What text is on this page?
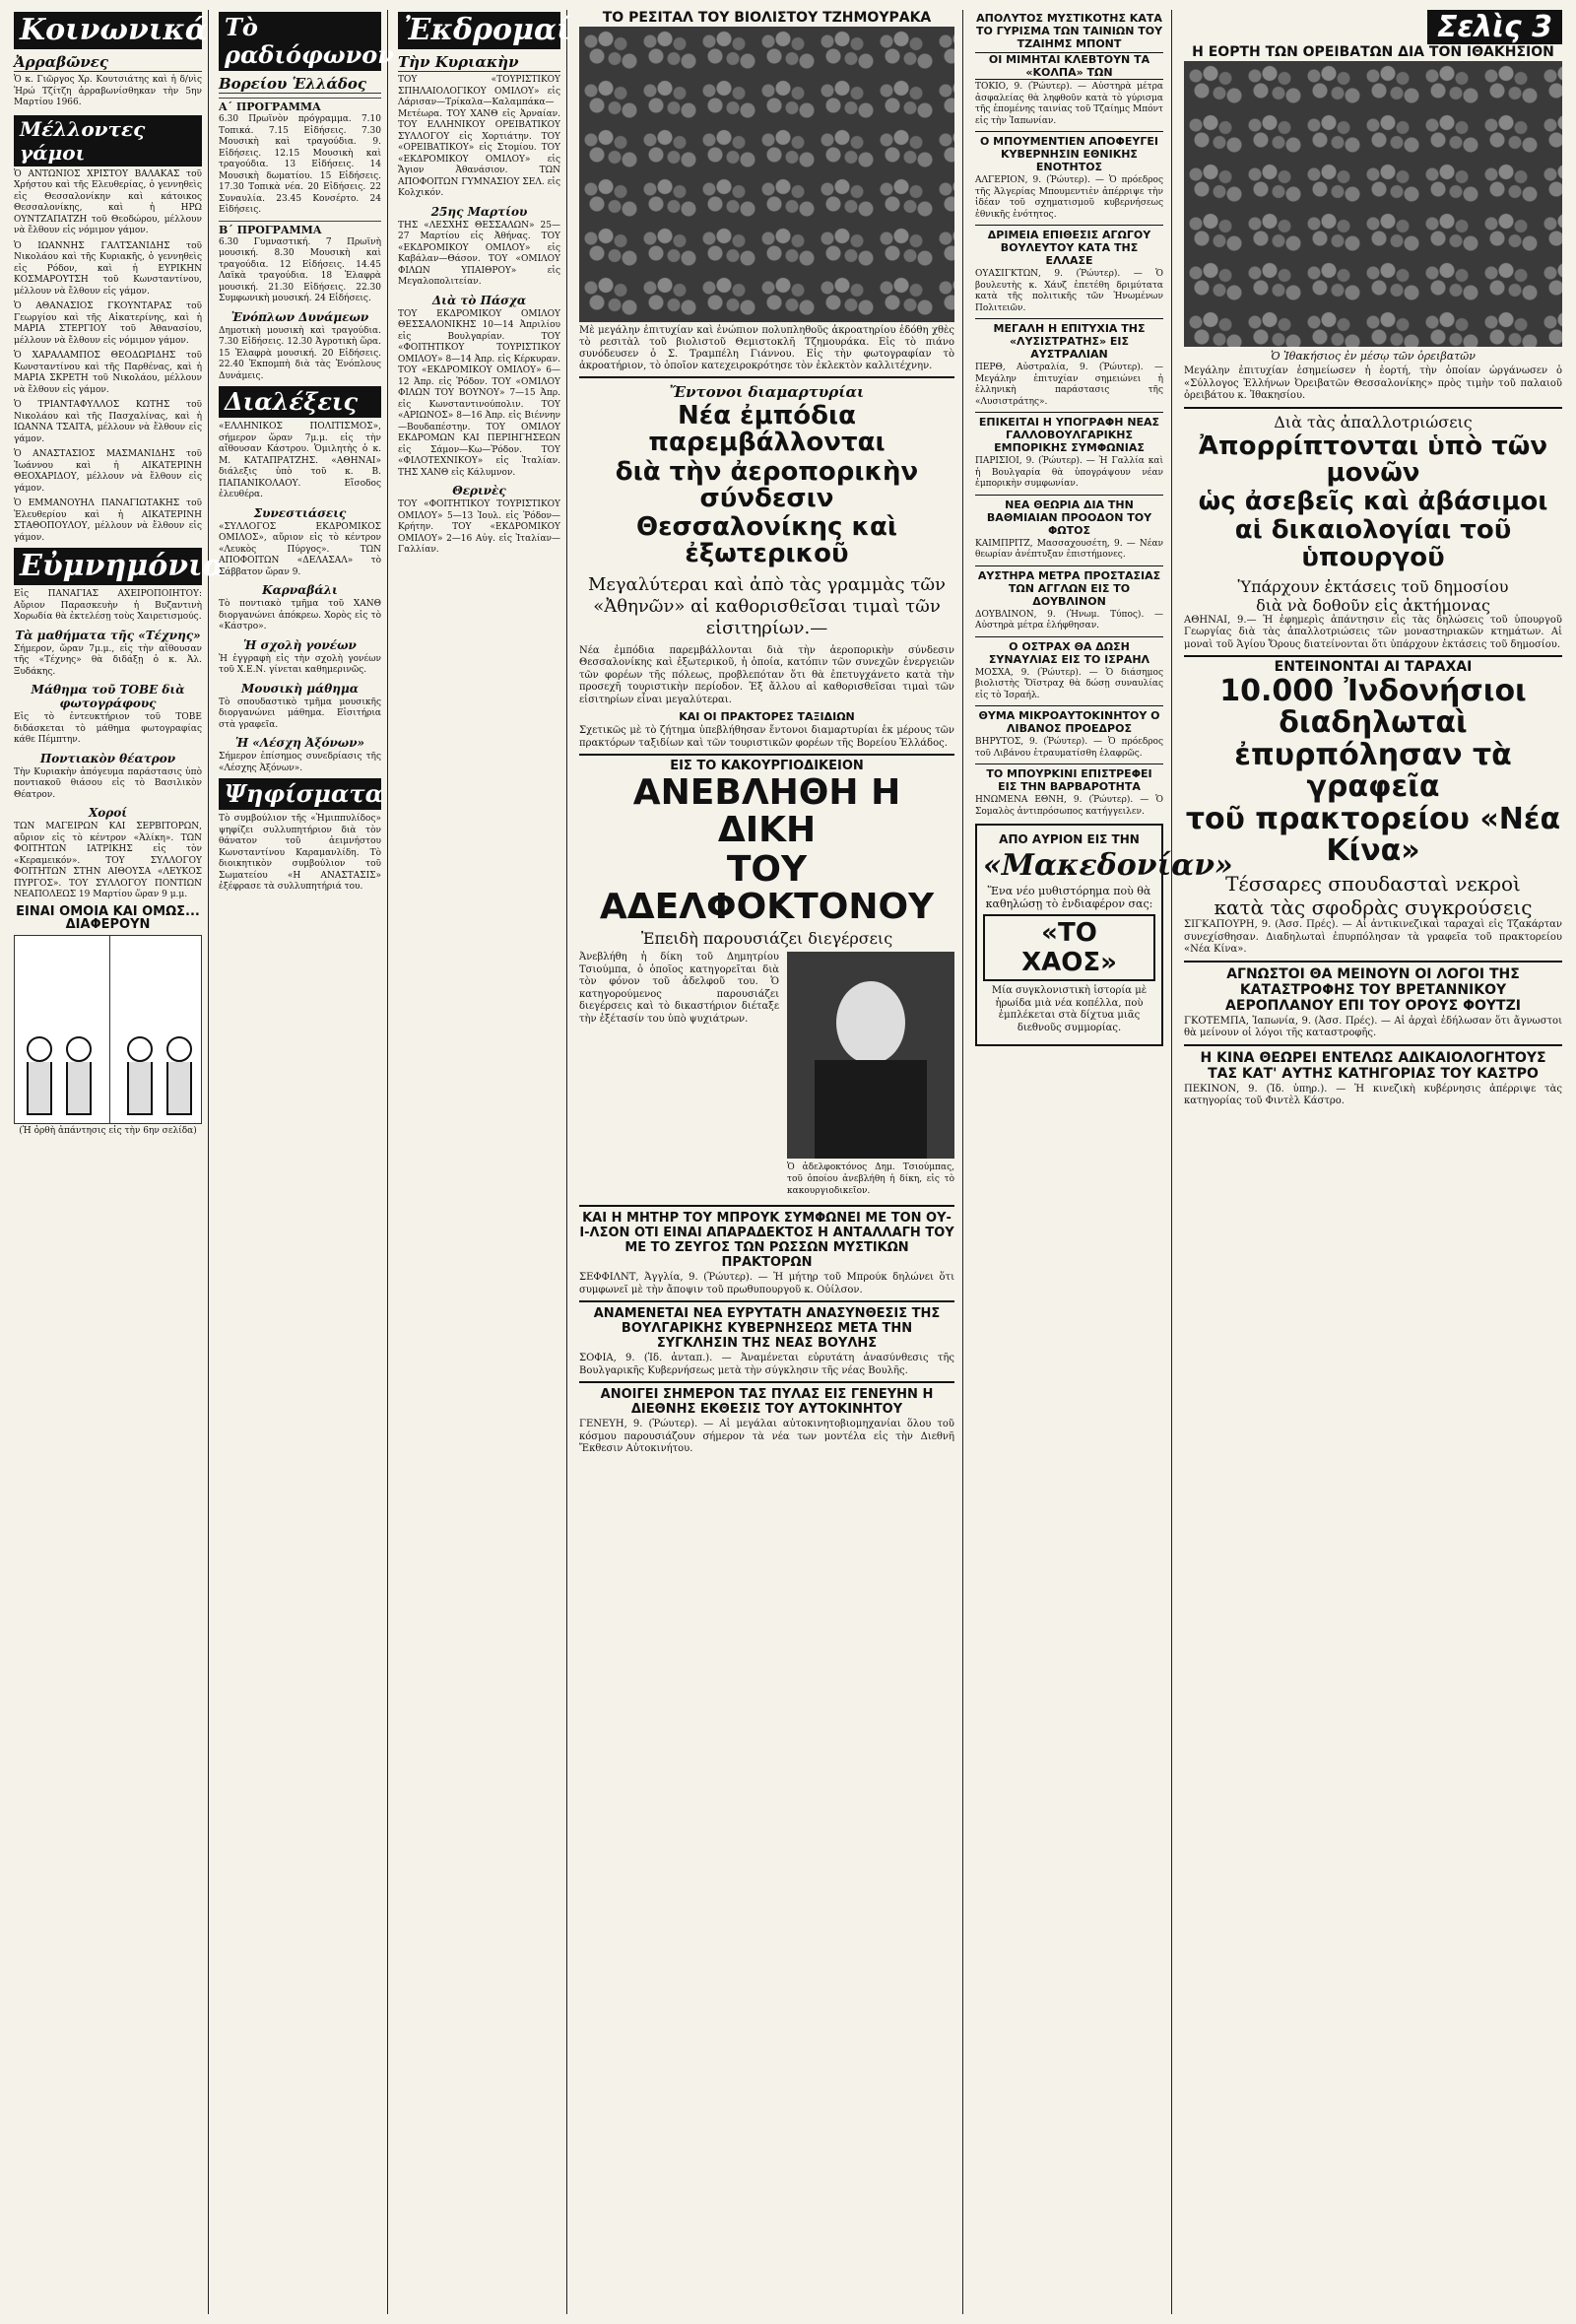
Κοινωνικά
Ἀρραβῶνες

Ὁ κ. Γιῶργος Χρ. Κουτσιάτης καὶ ἡ δ/νὶς Ἠρώ Τζίτζη ἀρραβωνίσθηκαν τὴν 5ην Μαρτίου 1966.

Μέλλοντες γάμοι

Ὁ ΑΝΤΩΝΙΟΣ ΧΡΙΣΤΟΥ ΒΑΛΑΚΑΣ τοῦ Χρήστου καὶ τῆς Ελευθερίας, ὁ γεννηθεὶς εἰς Θεσσαλονίκην καὶ κάτοικος Θεσσαλονίκης, καὶ ἡ ΗΡΩ ΟΥΝΤΖΑΠΑΤΖΗ τοῦ Θεοδώρου, μέλλουν νὰ ἔλθουν εἰς νόμιμον γάμον.

Ὁ ΙΩΑΝΝΗΣ ΓΑΛΤΣΑΝΙΔΗΣ τοῦ Νικολάου καὶ τῆς Κυριακῆς, ὁ γεννηθεὶς εἰς Ρόδον, καὶ ἡ ΕΥΡΙΚΗΝ ΚΟΣΜΑΡΟΥΤΣΗ τοῦ Κωνσταντίνου, μέλλουν νὰ ἔλθουν εἰς γάμον.

Ὁ ΑΘΑΝΑΣΙΟΣ ΓΚΟΥΝΤΑΡΑΣ τοῦ Γεωργίου καὶ τῆς Αἰκατερίνης, καὶ ἡ ΜΑΡΙΑ ΣΤΕΡΓΙΟΥ τοῦ Ἀθανασίου, μέλλουν νὰ ἔλθουν εἰς νόμιμον γάμον.

Ὁ ΧΑΡΑΛΑΜΠΟΣ ΘΕΟΔΩΡΙΔΗΣ τοῦ Κωνσταντίνου καὶ τῆς Παρθένας, καὶ ἡ ΜΑΡΙΑ ΣΚΡΕΤΗ τοῦ Νικολάου, μέλλουν νὰ ἔλθουν εἰς γάμον.

Ὁ ΤΡΙΑΝΤΑΦΥΛΛΟΣ ΚΩΤΗΣ τοῦ Νικολάου καὶ τῆς Πασχαλίνας, καὶ ἡ ΙΩΑΝΝΑ ΤΣΑΙΤΑ, μέλλουν νὰ ἔλθουν εἰς γάμον.

Ὁ ΑΝΑΣΤΑΣΙΟΣ ΜΑΣΜΑΝΙΔΗΣ τοῦ Ἰωάννου καὶ ἡ ΑΙΚΑΤΕΡΙΝΗ ΘΕΟΧΑΡΙΔΟΥ, μέλλουν νὰ ἔλθουν εἰς γάμον.

Ὁ ΕΜΜΑΝΟΥΗΛ ΠΑΝΑΓΙΩΤΑΚΗΣ τοῦ Ἐλευθερίου καὶ ἡ ΑΙΚΑΤΕΡΙΝΗ ΣΤΑΘΟΠΟΥΛΟΥ, μέλλουν νὰ ἔλθουν εἰς γάμον.

Εὐμνημόνια

Εἰς ΠΑΝΑΓΙΑΣ ΑΧΕΙΡΟΠΟΙΗΤΟΥ: Αὔριον Παρασκευὴν ἡ Βυζαντινὴ Χορωδία θὰ ἐκτελέσῃ τοὺς Χαιρετισμούς.

Τὰ μαθήματα τῆς «Τέχνης»

Σήμερον, ὥραν 7μ.μ., εἰς τὴν αἴθουσαν τῆς «Τέχνης» θὰ διδάξῃ ὁ κ. Ἀλ. Ξυδάκης.

Μάθημα τοῦ ΤΟΒΕ διὰ φωτογράφους

Εἰς τὸ ἐντευκτήριον τοῦ ΤΟΒΕ διδάσκεται τὸ μάθημα φωτογραφίας κάθε Πέμπτην.

Ποντιακὸν θέατρον

Τὴν Κυριακὴν ἀπόγευμα παράστασις ὑπὸ ποντιακοῦ θιάσου εἰς τὸ Βασιλικὸν Θέατρον.

Χοροί

ΤΩΝ ΜΑΓΕΙΡΩΝ ΚΑΙ ΣΕΡΒΙΤΟΡΩΝ, αὔριον εἰς τὸ κέντρον «Ἀλίκη». ΤΩΝ ΦΟΙΤΗΤΩΝ ΙΑΤΡΙΚΗΣ εἰς τὸν «Κεραμεικόν». ΤΟΥ ΣΥΛΛΟΓΟΥ ΦΟΙΤΗΤΩΝ ΣΤΗΝ ΑΙΘΟΥΣΑ «ΛΕΥΚΟΣ ΠΥΡΓΟΣ». ΤΟΥ ΣΥΛΛΟΓΟΥ ΠΟΝΤΙΩΝ ΝΕΑΠΟΛΕΩΣ 19 Μαρτίου ὥραν 9 μ.μ.

ΕΙΝΑΙ ΟΜΟΙΑ ΚΑΙ ΟΜΩΣ... ΔΙΑΦΕΡΟΥΝ
(Ἡ ὀρθὴ ἀπάντησις εἰς τὴν 6ην σελίδα)
Τὸ ραδιόφωνον
Βορείου Ἑλλάδος
Α΄ ΠΡΟΓΡΑΜΜΑ

6.30 Πρωϊνὸν πρόγραμμα. 7.10 Τοπικά. 7.15 Εἰδήσεις. 7.30 Μουσικὴ καὶ τραγούδια. 9. Εἰδήσεις. 12.15 Μουσικὴ καὶ τραγούδια. 13 Εἰδήσεις. 14 Μουσικὴ δωματίου. 15 Εἰδήσεις. 17.30 Τοπικὰ νέα. 20 Εἰδήσεις. 22 Συναυλία. 23.45 Κονσέρτο. 24 Εἰδήσεις.

Β΄ ΠΡΟΓΡΑΜΜΑ

6.30 Γυμναστική. 7 Πρωϊνὴ μουσική. 8.30 Μουσικὴ καὶ τραγούδια. 12 Εἰδήσεις. 14.45 Λαϊκὰ τραγούδια. 18 Ἐλαφρὰ μουσική. 21.30 Εἰδήσεις. 22.30 Συμφωνικὴ μουσική. 24 Εἰδήσεις.

Ἐνόπλων Δυνάμεων

Δημοτικὴ μουσικὴ καὶ τραγούδια. 7.30 Εἰδήσεις. 12.30 Ἀγροτικὴ ὥρα. 15 Ἐλαφρὰ μουσική. 20 Εἰδήσεις. 22.40 Ἐκπομπὴ διὰ τὰς Ἐνόπλους Δυνάμεις.

Διαλέξεις

«ΕΛΛΗΝΙΚΟΣ ΠΟΛΙΤΙΣΜΟΣ», σήμερον ὥραν 7μ.μ. εἰς τὴν αἴθουσαν Κάστρου. Ὁμιλητὴς ὁ κ. Μ. ΚΑΤΑΠΡΑΤΖΗΣ. «ΑΘΗΝΑΙ» διάλεξις ὑπὸ τοῦ κ. Β. ΠΑΠΑΝΙΚΟΛΑΟΥ. Εἴσοδος ἐλευθέρα.

Συνεστιάσεις

«ΣΥΛΛΟΓΟΣ ΕΚΔΡΟΜΙΚΟΣ ΟΜΙΛΟΣ», αὔριον εἰς τὸ κέντρον «Λευκὸς Πύργος». ΤΩΝ ΑΠΟΦΟΙΤΩΝ «ΔΕΛΑΣΑΛ» τὸ Σάββατον ὥραν 9.

Καρναβάλι

Τὸ ποντιακὸ τμῆμα τοῦ ΧΑΝΘ διοργανώνει ἀπόκρεω. Χορὸς εἰς τὸ «Κάστρο».

Ἡ σχολὴ γονέων

Ἡ ἐγγραφὴ εἰς τὴν σχολὴ γονέων τοῦ Χ.Ε.Ν. γίνεται καθημερινῶς.

Μουσικὴ μάθημα

Τὸ σπουδαστικὸ τμῆμα μουσικῆς διοργανώνει μάθημα. Εἰσιτήρια στὰ γραφεῖα.

Ἡ «Λέσχη Ἀξόνων»

Σήμερον ἐπίσημος συνεδρίασις τῆς «Λέσχης Ἀξόνων».

Ψηφίσματα

Τὸ συμβούλιον τῆς «Ἡμιππυλίδος» ψηφίζει συλλυπητήριον διὰ τὸν θάνατον τοῦ ἀειμνήστου Κωνσταντίνου Καραμανλίδη. Τὸ διοικητικὸν συμβούλιον τοῦ Σωματείου «Η ΑΝΑΣΤΑΣΙΣ» ἐξέφρασε τὰ συλλυπητήριά του.

Ἐκδρομαί
Τὴν Κυριακὴν

ΤΟΥ «ΤΟΥΡΙΣΤΙΚΟΥ ΣΠΗΛΑΙΟΛΟΓΙΚΟΥ ΟΜΙΛΟΥ» εἰς Λάρισαν—Τρίκαλα—Καλαμπάκα—Μετέωρα. ΤΟΥ ΧΑΝΘ εἰς Ἀρναίαν. ΤΟΥ ΕΛΛΗΝΙΚΟΥ ΟΡΕΙΒΑΤΙΚΟΥ ΣΥΛΛΟΓΟΥ εἰς Χορτιάτην. ΤΟΥ «ΟΡΕΙΒΑΤΙΚΟΥ» εἰς Στομίου. ΤΟΥ «ΕΚΔΡΟΜΙΚΟΥ ΟΜΙΛΟΥ» εἰς Ἄγιον Ἀθανάσιον. ΤΩΝ ΑΠΟΦΟΙΤΩΝ ΓΥΜΝΑΣΙΟΥ ΣΕΛ. εἰς Κολχικόν.

25ης Μαρτίου

ΤΗΣ «ΛΕΣΧΗΣ ΘΕΣΣΑΛΩΝ» 25—27 Μαρτίου εἰς Ἀθήνας. ΤΟΥ «ΕΚΔΡΟΜΙΚΟΥ ΟΜΙΛΟΥ» εἰς Καβάλαν—Θάσον. ΤΟΥ «ΟΜΙΛΟΥ ΦΙΛΩΝ ΥΠΑΙΘΡΟΥ» εἰς Μεγαλοπολιτείαν.

Διὰ τὸ Πάσχα

ΤΟΥ ΕΚΔΡΟΜΙΚΟΥ ΟΜΙΛΟΥ ΘΕΣΣΑΛΟΝΙΚΗΣ 10—14 Ἀπριλίου εἰς Βουλγαρίαν. ΤΟΥ «ΦΟΙΤΗΤΙΚΟΥ ΤΟΥΡΙΣΤΙΚΟΥ ΟΜΙΛΟΥ» 8—14 Ἀπρ. εἰς Κέρκυραν. ΤΟΥ «ΕΚΔΡΟΜΙΚΟΥ ΟΜΙΛΟΥ» 6—12 Ἀπρ. εἰς Ῥόδον. ΤΟΥ «ΟΜΙΛΟΥ ΦΙΛΩΝ ΤΟΥ ΒΟΥΝΟΥ» 7—15 Ἀπρ. εἰς Κωνσταντινούπολιν. ΤΟΥ «ΑΡΙΩΝΟΣ» 8—16 Ἀπρ. εἰς Βιέννην—Βουδαπέστην. ΤΟΥ ΟΜΙΛΟΥ ΕΚΔΡΟΜΩΝ ΚΑΙ ΠΕΡΙΗΓΗΣΕΩΝ εἰς Σάμον—Κω—Ῥόδον. ΤΟΥ «ΦΙΛΟΤΕΧΝΙΚΟΥ» εἰς Ἰταλίαν. ΤΗΣ ΧΑΝΘ εἰς Κάλυμνον.

Θερινὲς

ΤΟΥ «ΦΟΙΤΗΤΙΚΟΥ ΤΟΥΡΙΣΤΙΚΟΥ ΟΜΙΛΟΥ» 5—13 Ἰουλ. εἰς Ῥόδον—Κρήτην. ΤΟΥ «ΕΚΔΡΟΜΙΚΟΥ ΟΜΙΛΟΥ» 2—16 Αὐγ. εἰς Ἰταλίαν—Γαλλίαν.

ΤΟ ΡΕΣΙΤΑΛ ΤΟΥ ΒΙΟΛΙΣΤΟΥ ΤΖΗΜΟΥΡΑΚΑ

Μὲ μεγάλην ἐπιτυχίαν καὶ ἐνώπιον πολυπληθοῦς ἀκροατηρίου ἐδόθη χθὲς τὸ ρεσιτὰλ τοῦ βιολιστοῦ Θεμιστοκλῆ Τζημουράκα. Εἰς τὸ πιάνο συνόδευσεν ὁ Σ. Τραμπέλη Γιάννου. Εἰς τὴν φωτογραφίαν τὸ ἀκροατήριον, τὸ ὁποῖον κατεχειροκρότησε τὸν ἐκλεκτὸν καλλιτέχνην.

Ἔντονοι διαμαρτυρίαι
Νέα ἐμπόδια παρεμβάλλονται
διὰ τὴν ἀεροπορικὴν σύνδεσιν
Θεσσαλονίκης καὶ ἐξωτερικοῦ
Μεγαλύτεραι καὶ ἀπὸ τὰς γραμμὰς τῶν «Ἀθηνῶν» αἱ καθορισθεῖσαι τιμαὶ τῶν εἰσιτηρίων.—

Νέα ἐμπόδια παρεμβάλλονται διὰ τὴν ἀεροπορικὴν σύνδεσιν Θεσσαλονίκης καὶ ἐξωτερικοῦ, ἡ ὁποία, κατόπιν τῶν συνεχῶν ἐνεργειῶν τῶν φορέων τῆς πόλεως, προβλεπόταν ὅτι θὰ ἐπετυγχάνετο κατὰ τὴν προσεχῆ τουριστικὴν περίοδον. Ἐξ ἄλλου αἱ καθορισθεῖσαι τιμαὶ τῶν εἰσιτηρίων εἶναι μεγαλύτεραι.

ΚΑΙ ΟΙ ΠΡΑΚΤΟΡΕΣ ΤΑΞΙΔΙΩΝ

Σχετικῶς μὲ τὸ ζήτημα ὑπεβλήθησαν ἔντονοι διαμαρτυρίαι ἐκ μέρους τῶν πρακτόρων ταξιδίων καὶ τῶν τουριστικῶν φορέων τῆς Βορείου Ἑλλάδος.

ΕΙΣ ΤΟ ΚΑΚΟΥΡΓΙΟΔΙΚΕΙΟΝ
ΑΝΕΒΛΗΘΗ Η ΔΙΚΗ
ΤΟΥ ΑΔΕΛΦΟΚΤΟΝΟΥ
Ἐπειδὴ παρουσιάζει διεγέρσεις

Ἀνεβλήθη ἡ δίκη τοῦ Δημητρίου Τσιούμπα, ὁ ὁποῖος κατηγορεῖται διὰ τὸν φόνον τοῦ ἀδελφοῦ του. Ὁ κατηγορούμενος παρουσιάζει διεγέρσεις καὶ τὸ δικαστήριον διέταξε τὴν ἐξέτασίν του ὑπὸ ψυχιάτρων.

Ὁ ἀδελφοκτόνος Δημ. Τσιούμπας, τοῦ ὁποίου ἀνεβλήθη ἡ δίκη, εἰς τὸ κακουργιοδικεῖον.

ΚΑΙ Η ΜΗΤΗΡ ΤΟΥ ΜΠΡΟΥΚ ΣΥΜΦΩΝΕΙ ΜΕ ΤΟΝ ΟΥ-Ι-ΛΣΟΝ ΟΤΙ ΕΙΝΑΙ ΑΠΑΡΑΔΕΚΤΟΣ Η ΑΝΤΑΛΛΑΓΗ ΤΟΥ ΜΕ ΤΟ ΖΕΥΓΟΣ ΤΩΝ ΡΩΣΣΩΝ ΜΥΣΤΙΚΩΝ ΠΡΑΚΤΟΡΩΝ

ΣΕΦΦΙΛΝΤ, Ἀγγλία, 9. (Ῥώυτερ). — Ἡ μήτηρ τοῦ Μπρούκ δηλώνει ὅτι συμφωνεῖ μὲ τὴν ἄποψιν τοῦ πρωθυπουργοῦ κ. Οὐίλσον.

ΑΝΑΜΕΝΕΤΑΙ ΝΕΑ ΕΥΡΥΤΑΤΗ ΑΝΑΣΥΝΘΕΣΙΣ ΤΗΣ ΒΟΥΛΓΑΡΙΚΗΣ ΚΥΒΕΡΝΗΣΕΩΣ ΜΕΤΑ ΤΗΝ ΣΥΓΚΛΗΣΙΝ ΤΗΣ ΝΕΑΣ ΒΟΥΛΗΣ

ΣΟΦΙΑ, 9. (Ἰδ. ἀνταπ.). — Ἀναμένεται εὐρυτάτη ἀνασύνθεσις τῆς Βουλγαρικῆς Κυβερνήσεως μετὰ τὴν σύγκλησιν τῆς νέας Βουλῆς.

ΑΝΟΙΓΕΙ ΣΗΜΕΡΟΝ ΤΑΣ ΠΥΛΑΣ ΕΙΣ ΓΕΝΕΥΗΝ Η ΔΙΕΘΝΗΣ ΕΚΘΕΣΙΣ ΤΟΥ ΑΥΤΟΚΙΝΗΤΟΥ

ΓΕΝΕΥΗ, 9. (Ῥώυτερ). — Αἱ μεγάλαι αὐτοκινητοβιομηχανίαι ὅλου τοῦ κόσμου παρουσιάζουν σήμερον τὰ νέα των μοντέλα εἰς τὴν Διεθνῆ Ἔκθεσιν Αὐτοκινήτου.

ΑΠΟΛΥΤΟΣ ΜΥΣΤΙΚΟΤΗΣ ΚΑΤΑ ΤΟ ΓΥΡΙΣΜΑ ΤΩΝ ΤΑΙΝΙΩΝ ΤΟΥ ΤΖΑΙΗΜΣ ΜΠΟΝΤ
ΟΙ ΜΙΜΗΤΑΙ ΚΛΕΒΤΟΥΝ ΤΑ «ΚΟΛΠΑ» ΤΩΝ

ΤΟΚΙΟ, 9. (Ῥώυτερ). — Αὐστηρὰ μέτρα ἀσφαλείας θὰ ληφθοῦν κατὰ τὸ γύρισμα τῆς ἑπομένης ταινίας τοῦ Τζαίημς Μπόντ εἰς τὴν Ἰαπωνίαν.

Ο ΜΠΟΥΜΕΝΤΙΕΝ ΑΠΟΦΕΥΓΕΙ ΚΥΒΕΡΝΗΣΙΝ ΕΘΝΙΚΗΣ ΕΝΟΤΗΤΟΣ

ΑΛΓΕΡΙΟΝ, 9. (Ῥώυτερ). — Ὁ πρόεδρος τῆς Ἀλγερίας Μπουμεντιὲν ἀπέρριψε τὴν ἰδέαν τοῦ σχηματισμοῦ κυβερνήσεως ἐθνικῆς ἑνότητος.

ΔΡΙΜΕΙΑ ΕΠΙΘΕΣΙΣ ΑΓΩΓΟΥ ΒΟΥΛΕΥΤΟΥ ΚΑΤΑ ΤΗΣ ΕΛΛΑΣΕ

ΟΥΑΣΙΓΚΤΩΝ, 9. (Ῥώυτερ). — Ὁ βουλευτὴς κ. Χάυζ ἐπετέθη δριμύτατα κατὰ τῆς πολιτικῆς τῶν Ἡνωμένων Πολιτειῶν.

ΜΕΓΑΛΗ Η ΕΠΙΤΥΧΙΑ ΤΗΣ «ΛΥΣΙΣΤΡΑΤΗΣ» ΕΙΣ ΑΥΣΤΡΑΛΙΑΝ

ΠΕΡΘ, Αὐστραλία, 9. (Ῥώυτερ). — Μεγάλην ἐπιτυχίαν σημειώνει ἡ ἑλληνικὴ παράστασις τῆς «Λυσιστράτης».

ΕΠΙΚΕΙΤΑΙ Η ΥΠΟΓΡΑΦΗ ΝΕΑΣ ΓΑΛΛΟΒΟΥΛΓΑΡΙΚΗΣ ΕΜΠΟΡΙΚΗΣ ΣΥΜΦΩΝΙΑΣ

ΠΑΡΙΣΙΟΙ, 9. (Ῥώυτερ). — Ἡ Γαλλία καὶ ἡ Βουλγαρία θὰ ὑπογράψουν νέαν ἐμπορικὴν συμφωνίαν.

ΝΕΑ ΘΕΩΡΙΑ ΔΙΑ ΤΗΝ ΒΑΘΜΙΑΙΑΝ ΠΡΟΟΔΟΝ ΤΟΥ ΦΩΤΟΣ

ΚΑΙΜΠΡΙΤΖ, Μασσαχουσέτη, 9. — Νέαν θεωρίαν ἀνέπτυξαν ἐπιστήμονες.

ΑΥΣΤΗΡΑ ΜΕΤΡΑ ΠΡΟΣΤΑΣΙΑΣ ΤΩΝ ΑΓΓΛΩΝ ΕΙΣ ΤΟ ΔΟΥΒΛΙΝΟΝ

ΔΟΥΒΛΙΝΟΝ, 9. (Ἡνωμ. Τύπος). — Αὐστηρὰ μέτρα ἐλήφθησαν.

Ο ΟΣΤΡΑΧ ΘΑ ΔΩΣΗ ΣΥΝΑΥΛΙΑΣ ΕΙΣ ΤΟ ΙΣΡΑΗΛ

ΜΟΣΧΑ, 9. (Ῥώυτερ). — Ὁ διάσημος βιολιστὴς Ὄϊστραχ θὰ δώσῃ συναυλίας εἰς τὸ Ἰσραήλ.

ΘΥΜΑ ΜΙΚΡΟΑΥΤΟΚΙΝΗΤΟΥ Ο ΛΙΒΑΝΟΣ ΠΡΟΕΔΡΟΣ

ΒΗΡΥΤΟΣ, 9. (Ῥώυτερ). — Ὁ πρόεδρος τοῦ Λιβάνου ἐτραυματίσθη ἐλαφρῶς.

ΤΟ ΜΠΟΥΡΚΙΝΙ ΕΠΙΣΤΡΕΦΕΙ ΕΙΣ ΤΗΝ ΒΑΡΒΑΡΟΤΗΤΑ

ΗΝΩΜΕΝΑ ΕΘΝΗ, 9. (Ῥώυτερ). — Ὁ Σομαλὸς ἀντιπρόσωπος κατήγγειλεν.

ΑΠΟ ΑΥΡΙΟΝ ΕΙΣ ΤΗΝ
«Μακεδονίαν»
Ἕνα νέο μυθιστόρημα ποὺ θὰ καθηλώσῃ τὸ ἐνδιαφέρον σας:
«ΤΟ ΧΑΟΣ»

Μία συγκλονιστικὴ ἱστορία μὲ ἡρωίδα μιὰ νέα κοπέλλα, ποὺ ἐμπλέκεται στὰ δίχτυα μιᾶς διεθνοῦς συμμορίας.

Σελὶς 3
Η ΕΟΡΤΗ ΤΩΝ ΟΡΕΙΒΑΤΩΝ ΔΙΑ ΤΟΝ ΙΘΑΚΗΣΙΟΝ
Ὁ Ἰθακήσιος ἐν μέσῳ τῶν ὀρειβατῶν

Μεγάλην ἐπιτυχίαν ἐσημείωσεν ἡ ἑορτή, τὴν ὁποίαν ὠργάνωσεν ὁ «Σύλλογος Ἑλλήνων Ὀρειβατῶν Θεσσαλονίκης» πρὸς τιμὴν τοῦ παλαιοῦ ὀρειβάτου κ. Ἰθακησίου.

Διὰ τὰς ἀπαλλοτριώσεις
Ἀπορρίπτονται ὑπὸ τῶν μονῶν
ὡς ἀσεβεῖς καὶ ἀβάσιμοι
αἱ δικαιολογίαι τοῦ ὑπουργοῦ
Ὑπάρχουν ἐκτάσεις τοῦ δημοσίου
διὰ νὰ δοθοῦν εἰς ἀκτήμονας

ΑΘΗΝΑΙ, 9.— Ἡ ἐφημερὶς ἀπάντησιν εἰς τὰς δηλώσεις τοῦ ὑπουργοῦ Γεωργίας διὰ τὰς ἀπαλλοτριώσεις τῶν μοναστηριακῶν κτημάτων. Αἱ μοναὶ τοῦ Ἁγίου Ὄρους διατείνονται ὅτι ὑπάρχουν ἐκτάσεις τοῦ δημοσίου.

ΕΝΤΕΙΝΟΝΤΑΙ ΑΙ ΤΑΡΑΧΑΙ
10.000 Ἰνδονήσιοι διαδηλωταὶ
ἐπυρπόλησαν τὰ γραφεῖα
τοῦ πρακτορείου «Νέα Κίνα»
Τέσσαρες σπουδασταὶ νεκροὶ
κατὰ τὰς σφοδρὰς συγκρούσεις

ΣΙΓΚΑΠΟΥΡΗ, 9. (Ἀσσ. Πρές). — Αἱ ἀντικινεζικαὶ ταραχαὶ εἰς Τζακάρταν συνεχίσθησαν. Διαδηλωταὶ ἐπυρπόλησαν τὰ γραφεῖα τοῦ πρακτορείου «Νέα Κίνα».

ΑΓΝΩΣΤΟΙ ΘΑ ΜΕΙΝΟΥΝ ΟΙ ΛΟΓΟΙ ΤΗΣ ΚΑΤΑΣΤΡΟΦΗΣ ΤΟΥ ΒΡΕΤΑΝΝΙΚΟΥ ΑΕΡΟΠΛΑΝΟΥ ΕΠΙ ΤΟΥ ΟΡΟΥΣ ΦΟΥΤΖΙ

ΓΚΟΤΕΜΠΑ, Ἰαπωνία, 9. (Ἀσσ. Πρές). — Αἱ ἀρχαὶ ἐδήλωσαν ὅτι ἄγνωστοι θὰ μείνουν οἱ λόγοι τῆς καταστροφῆς.

Η ΚΙΝΑ ΘΕΩΡΕΙ ΕΝΤΕΛΩΣ ΑΔΙΚΑΙΟΛΟΓΗΤΟΥΣ ΤΑΣ ΚΑΤ' ΑΥΤΗΣ ΚΑΤΗΓΟΡΙΑΣ ΤΟΥ ΚΑΣΤΡΟ

ΠΕΚΙΝΟΝ, 9. (Ἰδ. ὑπηρ.). — Ἡ κινεζικὴ κυβέρνησις ἀπέρριψε τὰς κατηγορίας τοῦ Φιντὲλ Κάστρο.
